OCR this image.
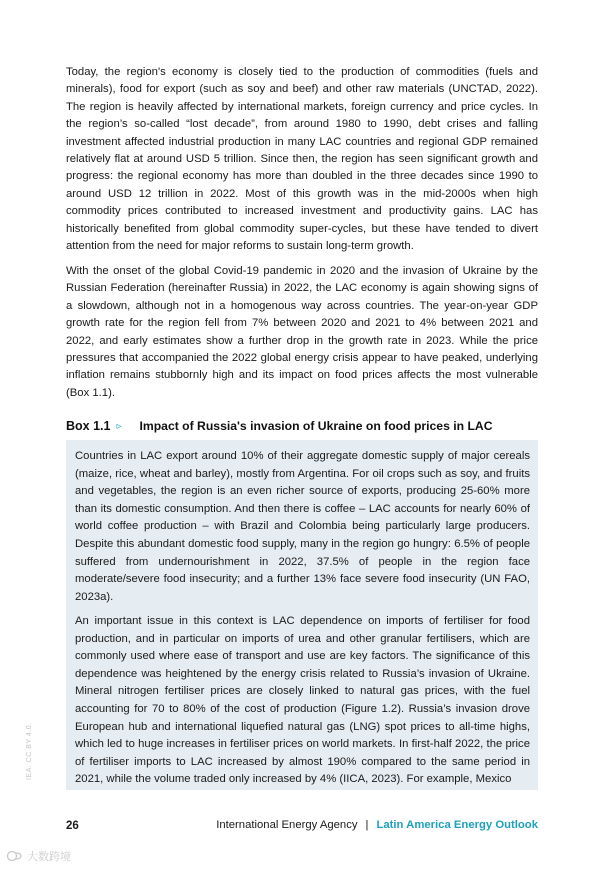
Today, the region's economy is closely tied to the production of commodities (fuels and minerals), food for export (such as soy and beef) and other raw materials (UNCTAD, 2022). The region is heavily affected by international markets, foreign currency and price cycles. In the region’s so-called “lost decade”, from around 1980 to 1990, debt crises and falling investment affected industrial production in many LAC countries and regional GDP remained relatively flat at around USD 5 trillion. Since then, the region has seen significant growth and progress: the regional economy has more than doubled in the three decades since 1990 to around USD 12 trillion in 2022. Most of this growth was in the mid-2000s when high commodity prices contributed to increased investment and productivity gains. LAC has historically benefited from global commodity super-cycles, but these have tended to divert attention from the need for major reforms to sustain long-term growth.

With the onset of the global Covid-19 pandemic in 2020 and the invasion of Ukraine by the Russian Federation (hereinafter Russia) in 2022, the LAC economy is again showing signs of a slowdown, although not in a homogenous way across countries. The year-on-year GDP growth rate for the region fell from 7% between 2020 and 2021 to 4% between 2021 and 2022, and early estimates show a further drop in the growth rate in 2023. While the price pressures that accompanied the 2022 global energy crisis appear to have peaked, underlying inflation remains stubbornly high and its impact on food prices affects the most vulnerable (Box 1.1).

Box 1.1 ▹ Impact of Russia's invasion of Ukraine on food prices in LAC

Countries in LAC export around 10% of their aggregate domestic supply of major cereals (maize, rice, wheat and barley), mostly from Argentina. For oil crops such as soy, and fruits and vegetables, the region is an even richer source of exports, producing 25-60% more than its domestic consumption. And then there is coffee – LAC accounts for nearly 60% of world coffee production – with Brazil and Colombia being particularly large producers. Despite this abundant domestic food supply, many in the region go hungry: 6.5% of people suffered from undernourishment in 2022, 37.5% of people in the region face moderate/severe food insecurity; and a further 13% face severe food insecurity (UN FAO, 2023a).

An important issue in this context is LAC dependence on imports of fertiliser for food production, and in particular on imports of urea and other granular fertilisers, which are commonly used where ease of transport and use are key factors. The significance of this dependence was heightened by the energy crisis related to Russia’s invasion of Ukraine. Mineral nitrogen fertiliser prices are closely linked to natural gas prices, with the fuel accounting for 70 to 80% of the cost of production (Figure 1.2). Russia’s invasion drove European hub and international liquefied natural gas (LNG) spot prices to all-time highs, which led to huge increases in fertiliser prices on world markets. In first-half 2022, the price of fertiliser imports to LAC increased by almost 190% compared to the same period in 2021, while the volume traded only increased by 4% (IICA, 2023). For example, Mexico

IEA. CC BY 4.0.
26	International Energy Agency | Latin America Energy Outlook
大数跨境
